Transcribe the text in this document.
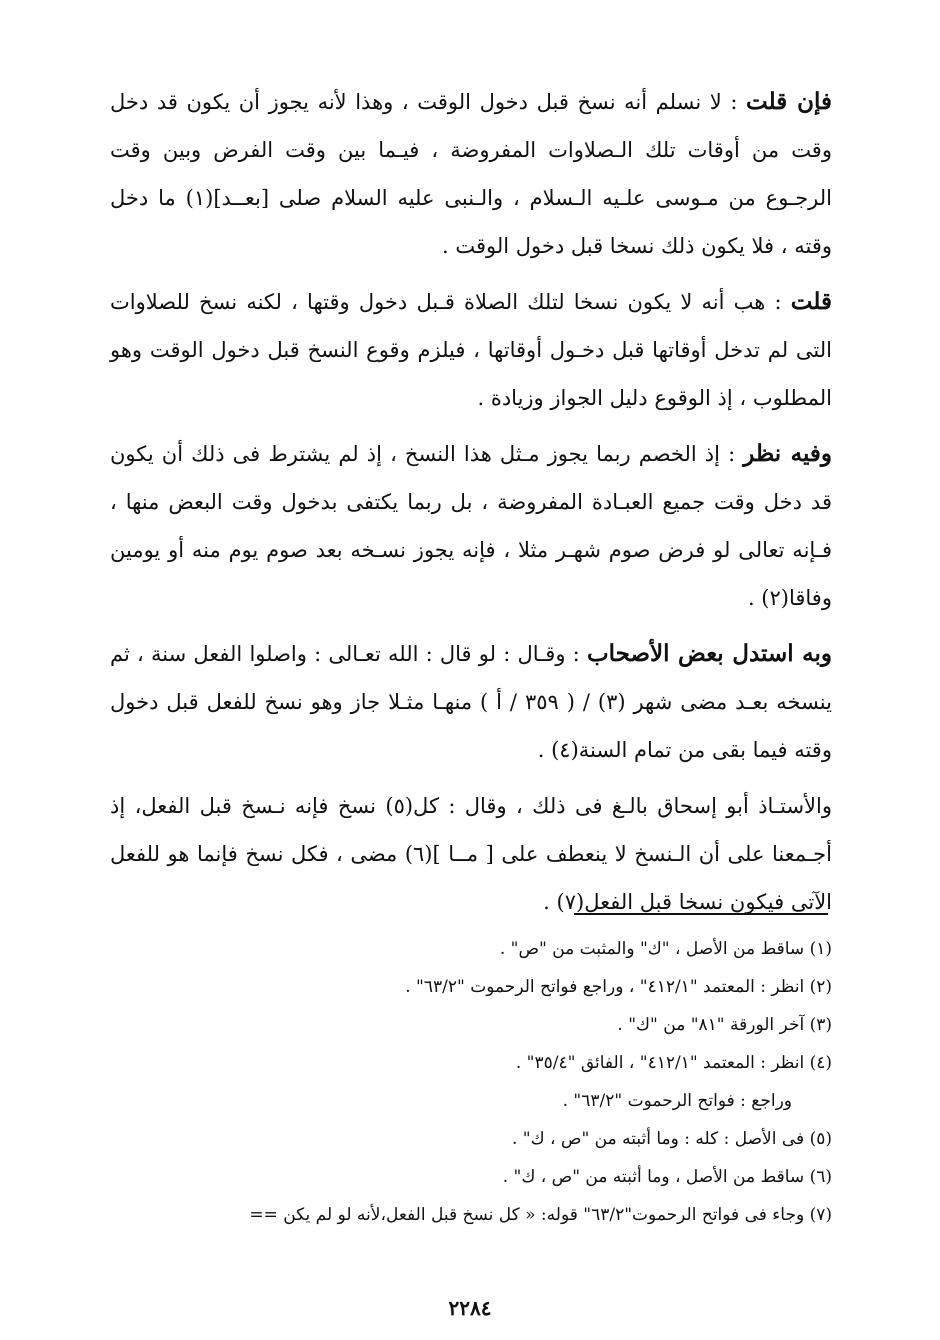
فإن قلت : لا نسلم أنه نسخ قبل دخول الوقت ، وهذا لأنه يجوز أن يكون قد دخل وقت من أوقات تلك الـصلاوات المفروضة ، فيـما بين وقت الفرض وبين وقت الرجـوع من مـوسى علـيه الـسلام ، والـنبى عليه السلام صلى [بعــد](١) ما دخل وقته ، فلا يكون ذلك نسخا قبل دخول الوقت .

قلت : هب أنه لا يكون نسخا لتلك الصلاة قـبل دخول وقتها ، لكنه نسخ للصلاوات التى لم تدخل أوقاتها قبل دخـول أوقاتها ، فيلزم وقوع النسخ قبل دخول الوقت وهو المطلوب ، إذ الوقوع دليل الجواز وزيادة .

وفيه نظر : إذ الخصم ربما يجوز مـثل هذا النسخ ، إذ لم يشترط فى ذلك أن يكون قد دخل وقت جميع العبـادة المفروضة ، بل ربما يكتفى بدخول وقت البعض منها ، فـإنه تعالى لو فرض صوم شهـر مثلا ، فإنه يجوز نسـخه بعد صوم يوم منه أو يومين وفاقا(٢) .

وبه استدل بعض الأصحاب : وقـال : لو قال : الله تعـالى : واصلوا الفعل سنة ، ثم ينسخه بعـد مضى شهر (٣) / ( ٣٥٩ / أ ) منهـا مثـلا جاز وهو نسخ للفعل قبل دخول وقته فيما بقى من تمام السنة(٤) .

والأستـاذ أبو إسحاق بالـغ فى ذلك ، وقال : كل(٥) نسخ فإنه نـسخ قبل الفعل، إذ أجـمعنا على أن الـنسخ لا ينعطف على [ مــا ](٦) مضى ، فكل نسخ فإنما هو للفعل الآتى فيكون نسخا قبل الفعل(٧) .

(١) ساقط من الأصل ، "ك" والمثبت من "ص" .

(٢) انظر : المعتمد "٤١٢/١" ، وراجع فواتح الرحموت "٦٣/٢" .

(٣) آخر الورقة "٨١" من "ك" .

(٤) انظر : المعتمد "٤١٢/١" ، الفائق "٣٥/٤" .

وراجع : فواتح الرحموت "٦٣/٢" .

(٥) فى الأصل : كله : وما أثبته من "ص ، ك" .

(٦) ساقط من الأصل ، وما أثبته من "ص ، ك" .

(٧) وجاء فى فواتح الرحموت"٦٣/٢" قوله: « كل نسخ قبل الفعل،لأنه لو لم يكن ==

٢٢٨٤
